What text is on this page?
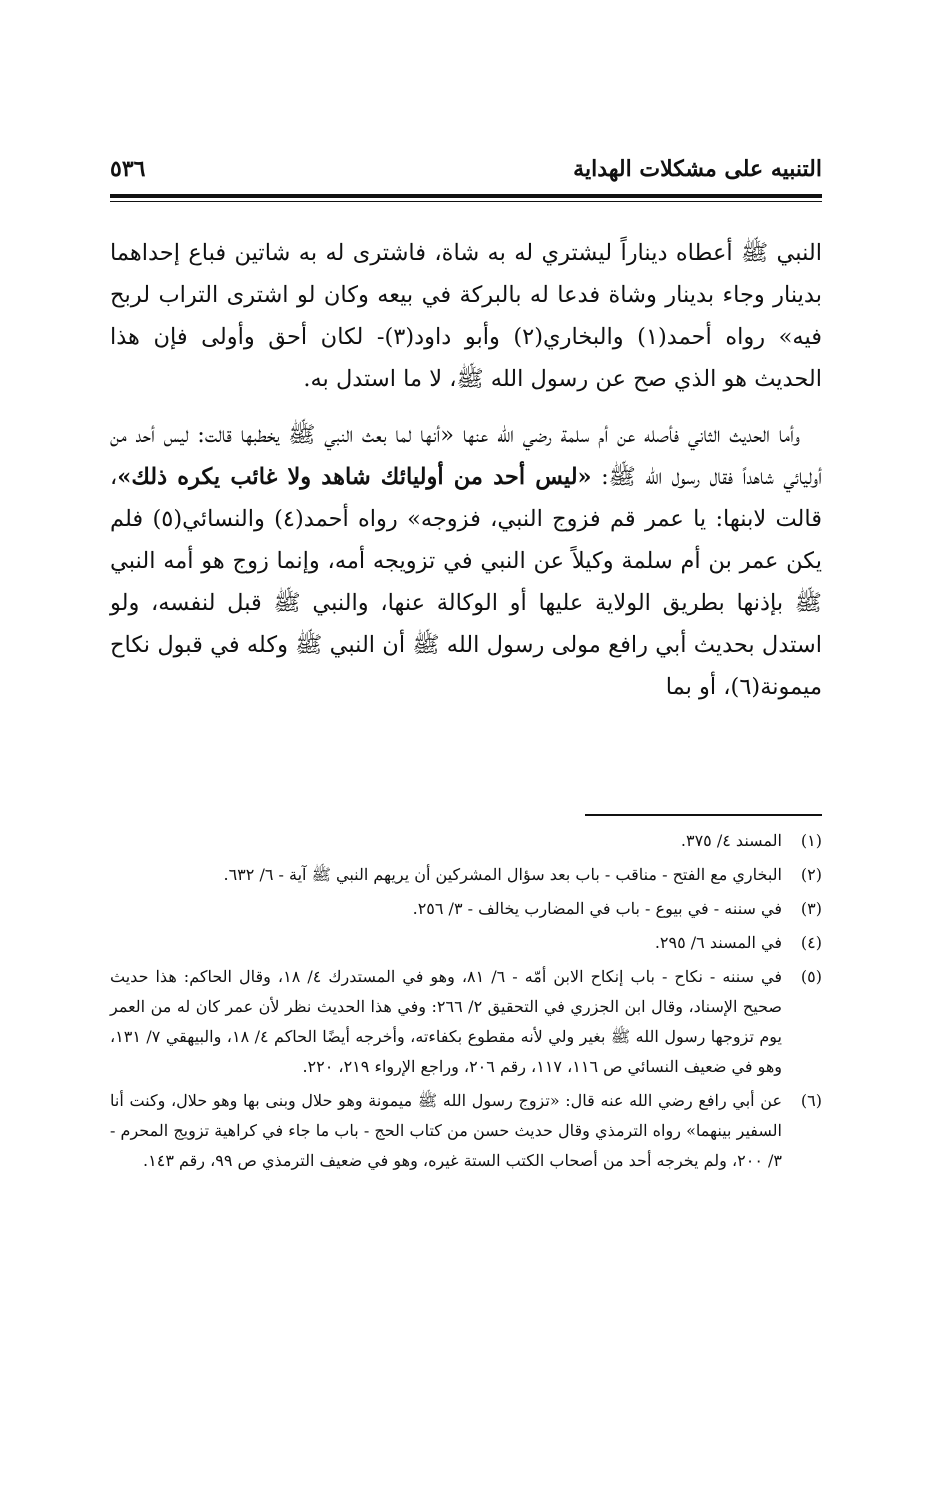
التنبيه على مشكلات الهداية
٥٣٦

النبي ﷺ أعطاه ديناراً ليشتري له به شاة، فاشترى له به شاتين فباع إحداهما بدينار وجاء بدينار وشاة فدعا له بالبركة في بيعه وكان لو اشترى التراب لربح فيه» رواه أحمد(١) والبخاري(٢) وأبو داود(٣)- لكان أحق وأولى فإن هذا الحديث هو الذي صح عن رسول الله ﷺ، لا ما استدل به.

وأما الحديث الثاني فأصله عن أم سلمة رضي الله عنها «أنها لما بعث النبي ﷺ يخطبها قالت: ليس أحد من أوليائي شاهداً فقال رسول الله ﷺ: «ليس أحد من أوليائك شاهد ولا غائب يكره ذلك»، قالت لابنها: يا عمر قم فزوج النبي، فزوجه» رواه أحمد(٤) والنسائي(٥) فلم يكن عمر بن أم سلمة وكيلاً عن النبي في تزويجه أمه، وإنما زوج هو أمه النبي ﷺ بإذنها بطريق الولاية عليها أو الوكالة عنها، والنبي ﷺ قبل لنفسه، ولو استدل بحديث أبي رافع مولى رسول الله ﷺ أن النبي ﷺ وكله في قبول نكاح ميمونة(٦)، أو بما

(١)
المسند ٤/ ٣٧٥.
(٢)
البخاري مع الفتح - مناقب - باب بعد سؤال المشركين أن يريهم النبي ﷺ آية - ٦/ ٦٣٢.
(٣)
في سننه - في بيوع - باب في المضارب يخالف - ٣/ ٢٥٦.
(٤)
في المسند ٦/ ٢٩٥.
(٥)
في سننه - نكاح - باب إنكاح الابن أمّه - ٦/ ٨١، وهو في المستدرك ٤/ ١٨، وقال الحاكم: هذا حديث صحيح الإسناد، وقال ابن الجزري في التحقيق ٢/ ٢٦٦: وفي هذا الحديث نظر لأن عمر كان له من العمر يوم تزوجها رسول الله ﷺ بغير ولي لأنه مقطوع بكفاءته، وأخرجه أيضًا الحاكم ٤/ ١٨، والبيهقي ٧/ ١٣١، وهو في ضعيف النسائي ص ١١٦، ١١٧، رقم ٢٠٦، وراجع الإرواء ٢١٩، ٢٢٠.
(٦)
عن أبي رافع رضي الله عنه قال: «تزوج رسول الله ﷺ ميمونة وهو حلال وبنى بها وهو حلال، وكنت أنا السفير بينهما» رواه الترمذي وقال حديث حسن من كتاب الحج - باب ما جاء في كراهية تزويج المحرم - ٣/ ٢٠٠، ولم يخرجه أحد من أصحاب الكتب الستة غيره، وهو في ضعيف الترمذي ص ٩٩، رقم ١٤٣.
